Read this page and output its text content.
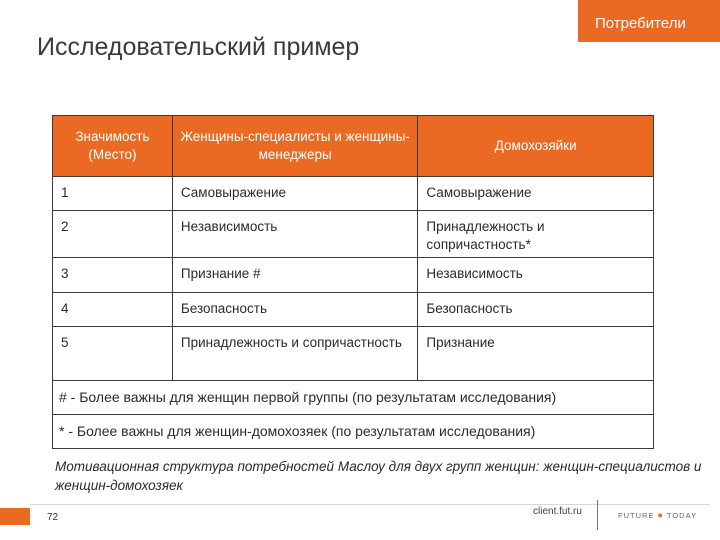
Потребители
Исследовательский пример
Значимость (Место)	Женщины-специалисты и женщины-менеджеры	Домохозяйки
1	Самовыражение	Самовыражение
2	Независимость	Принадлежность и сопричастность*
3	Признание #	Независимость
4	Безопасность	Безопасность
5	Принадлежность и сопричастность	Признание
# - Более важны для женщин первой группы (по результатам исследования)		
* - Более важны для женщин-домохозяек (по результатам исследования)		
Мотивационная структура потребностей Маслоу для двух групп женщин: женщин-специалистов и женщин-домохозяек
72
client.fut.ru	FUTURE ● TODAY
